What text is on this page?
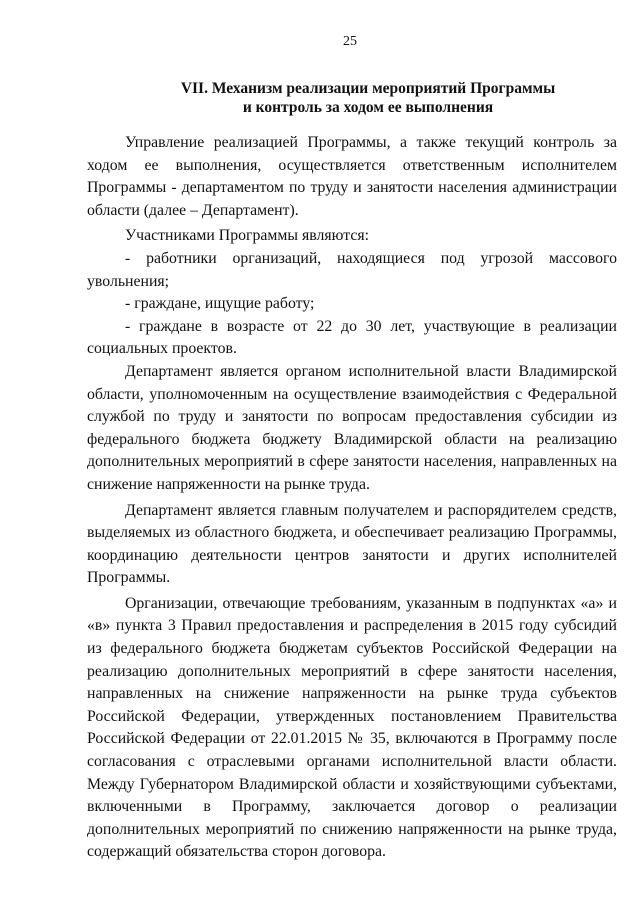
25
VII. Механизм реализации мероприятий Программы
и контроль за ходом ее выполнения

Управление реализацией Программы, а также текущий контроль за ходом ее выполнения, осуществляется ответственным исполнителем Программы - департаментом по труду и занятости населения администрации области (далее – Департамент).

Участниками Программы являются:

- работники организаций, находящиеся под угрозой массового увольнения;

- граждане, ищущие работу;

- граждане в возрасте от 22 до 30 лет, участвующие в реализации социальных проектов.

Департамент является органом исполнительной власти Владимирской области, уполномоченным на осуществление взаимодействия с Федеральной службой по труду и занятости по вопросам предоставления субсидии из федерального бюджета бюджету Владимирской области на реализацию дополнительных мероприятий в сфере занятости населения, направленных на снижение напряженности на рынке труда.

Департамент является главным получателем и распорядителем средств, выделяемых из областного бюджета, и обеспечивает реализацию Программы, координацию деятельности центров занятости и других исполнителей Программы.

Организации, отвечающие требованиям, указанным в подпунктах «а» и «в» пункта 3 Правил предоставления и распределения в 2015 году субсидий из федерального бюджета бюджетам субъектов Российской Федерации на реализацию дополнительных мероприятий в сфере занятости населения, направленных на снижение напряженности на рынке труда субъектов Российской Федерации, утвержденных постановлением Правительства Российской Федерации от 22.01.2015 № 35, включаются в Программу после согласования с отраслевыми органами исполнительной власти области. Между Губернатором Владимирской области и хозяйствующими субъектами, включенными в Программу, заключается договор о реализации дополнительных мероприятий по снижению напряженности на рынке труда, содержащий обязательства сторон договора.
